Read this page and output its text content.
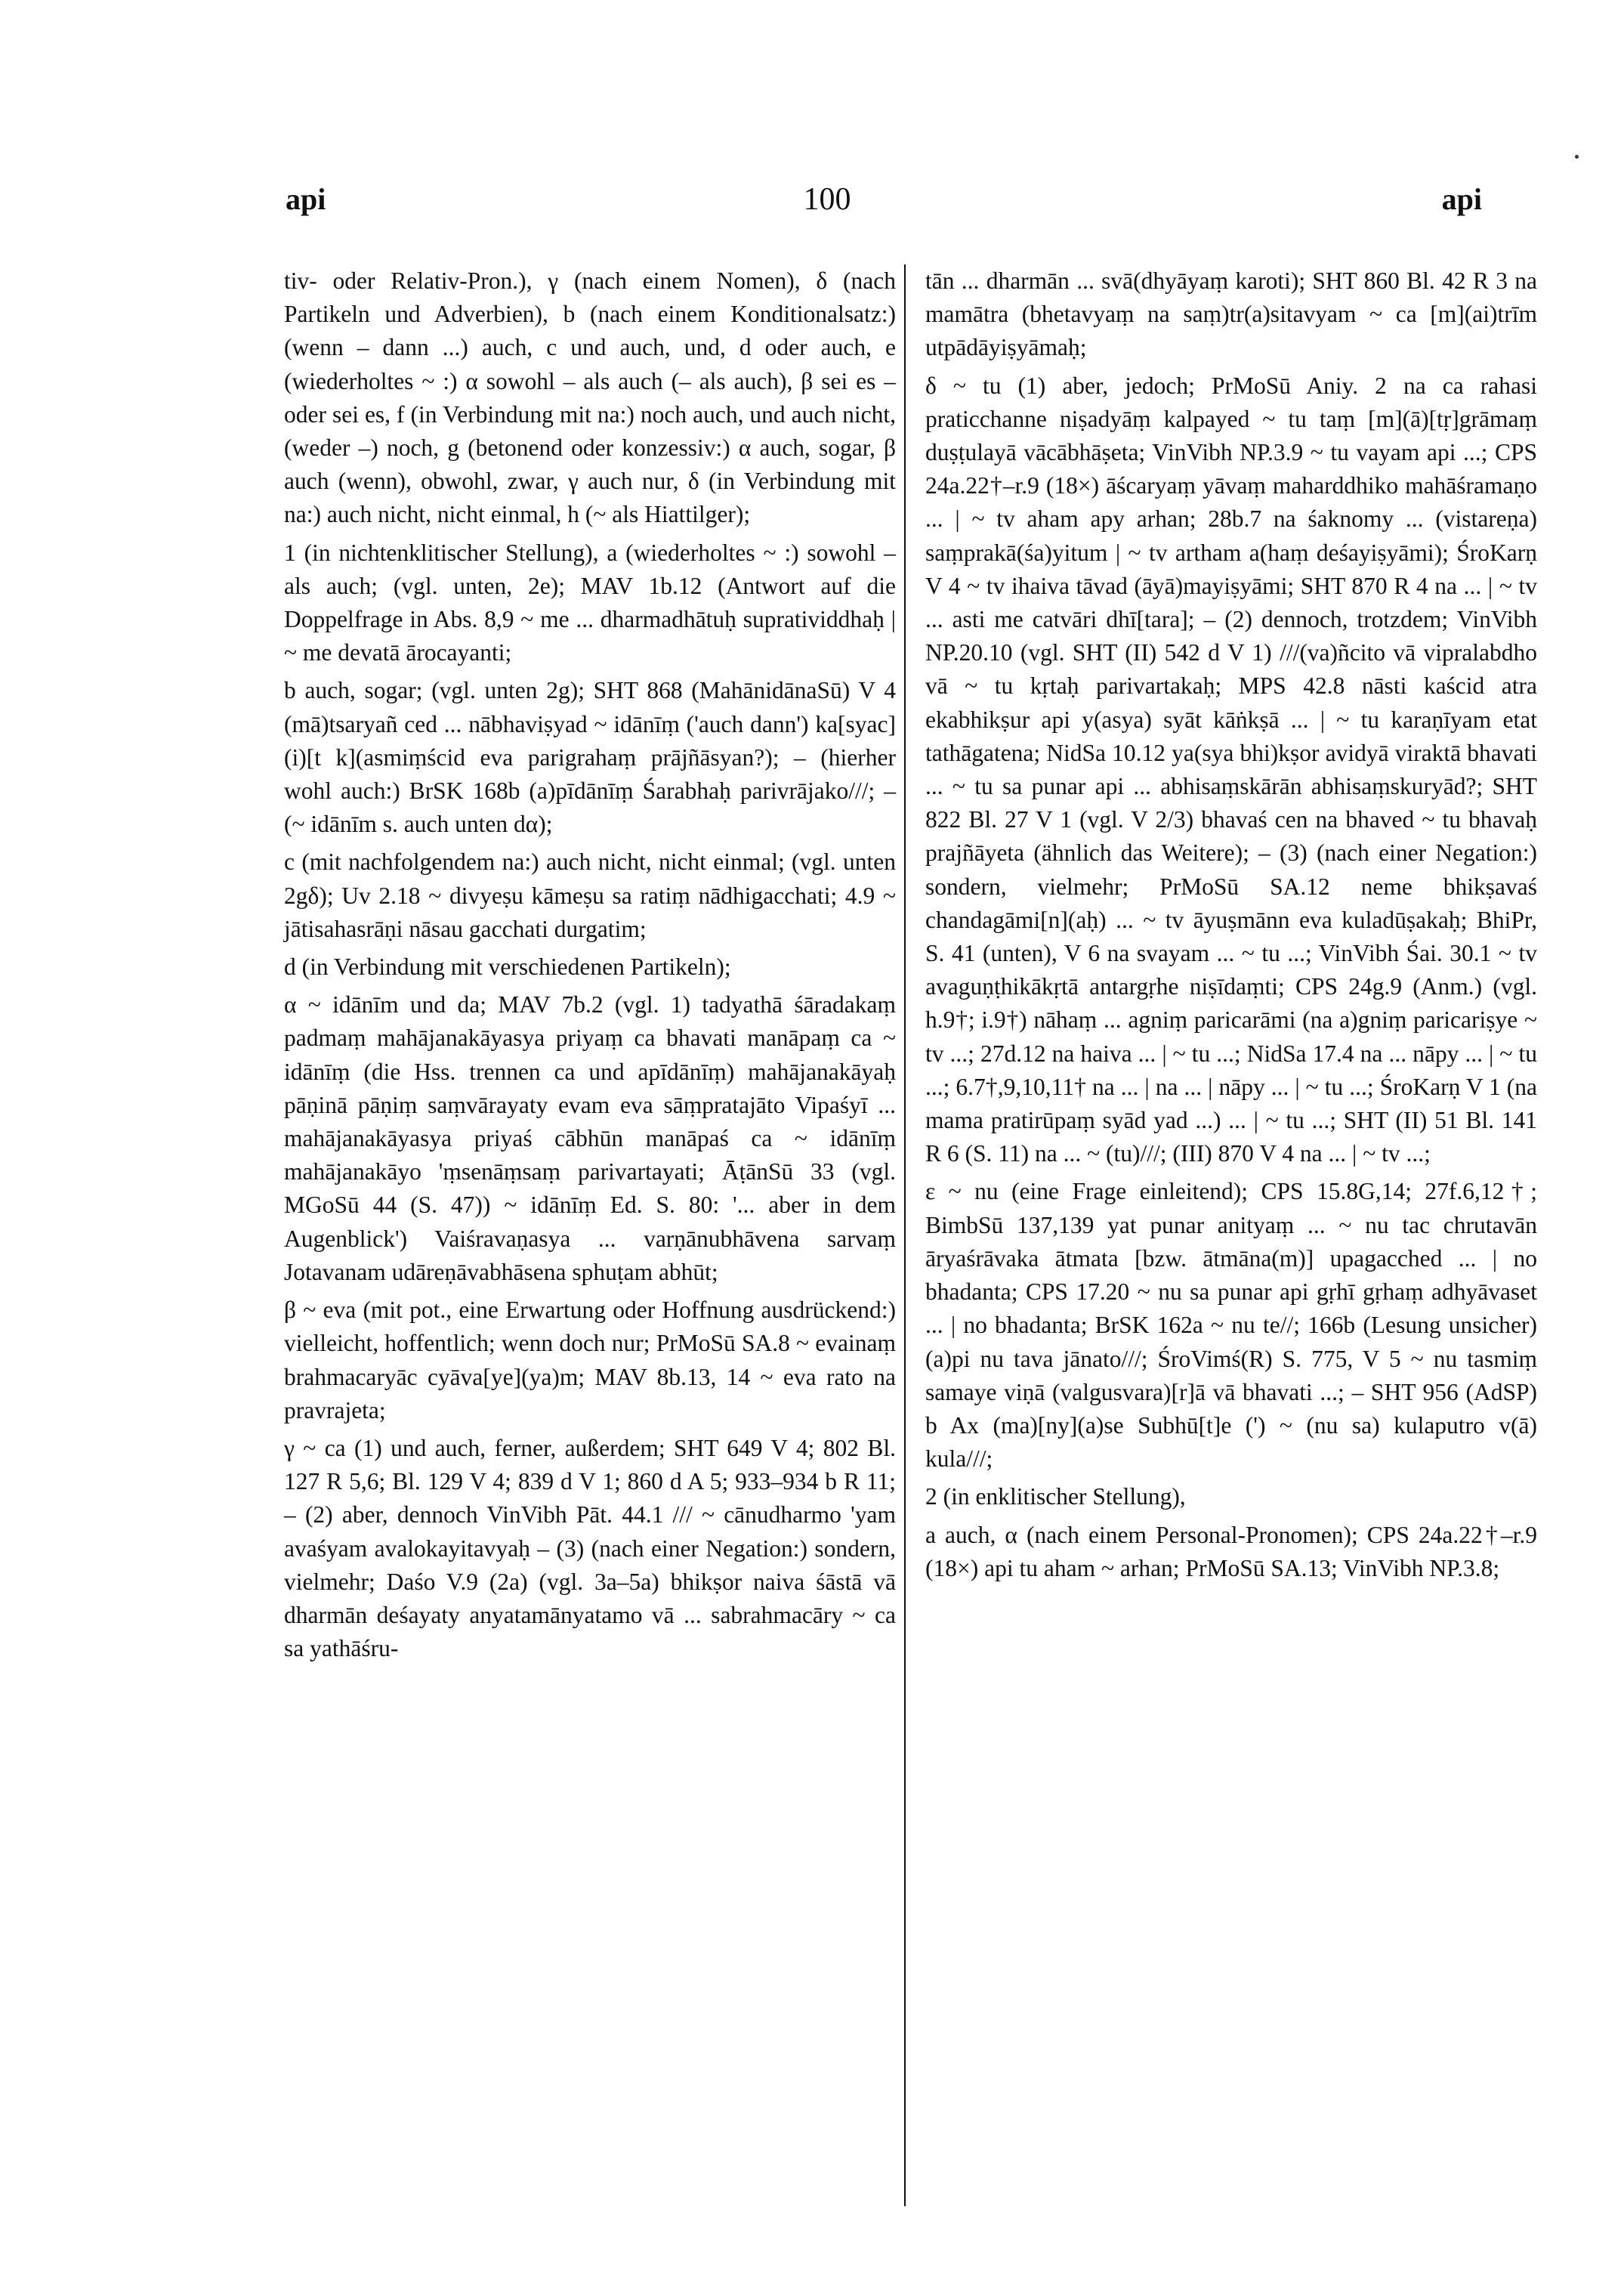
api	100	api

tiv- oder Relativ-Pron.), γ (nach einem Nomen), δ (nach Partikeln und Adverbien), b (nach einem Konditionalsatz:) (wenn – dann ...) auch, c und auch, und, d oder auch, e (wiederholtes ~ :) α sowohl – als auch (– als auch), β sei es – oder sei es, f (in Verbindung mit na:) noch auch, und auch nicht, (weder –) noch, g (betonend oder konzessiv:) α auch, sogar, β auch (wenn), obwohl, zwar, γ auch nur, δ (in Verbindung mit na:) auch nicht, nicht einmal, h (~ als Hiattilger);

1 (in nichtenklitischer Stellung), a (wiederholtes ~ :) sowohl – als auch; (vgl. unten, 2e); MAV 1b.12 (Antwort auf die Doppelfrage in Abs. 8,9 ~ me ... dharmadhātuḥ supratividdhaḥ | ~ me devatā ārocayanti;

b auch, sogar; (vgl. unten 2g); SHT 868 (MahānidānaSū) V 4 (mā)tsaryañ ced ... nābhaviṣyad ~ idānīṃ ('auch dann') ka[syac](i)[t k](asmiṃścid eva parigrahaṃ prājñāsyan?); – (hierher wohl auch:) BrSK 168b (a)pīdānīṃ Śarabhaḥ parivrājako///; – (~ idānīm s. auch unten dα);

c (mit nachfolgendem na:) auch nicht, nicht einmal; (vgl. unten 2gδ); Uv 2.18 ~ divyeṣu kāmeṣu sa ratiṃ nādhigacchati; 4.9 ~ jātisahasrāṇi nāsau gacchati durgatim;

d (in Verbindung mit verschiedenen Partikeln);

α ~ idānīm und da; MAV 7b.2 (vgl. 1) tadyathā śāradakaṃ padmaṃ mahājanakāyasya priyaṃ ca bhavati manāpaṃ ca ~ idānīṃ (die Hss. trennen ca und apīdānīṃ) mahājanakāyaḥ pāṇinā pāṇiṃ saṃvārayaty evam eva sāṃpratajāto Vipaśyī ... mahājanakāyasya priyaś cābhūn manāpaś ca ~ idānīṃ mahājanakāyo 'ṃsenāṃsaṃ parivartayati; ĀṭānSū 33 (vgl. MGoSū 44 (S. 47)) ~ idānīṃ Ed. S. 80: '... aber in dem Augenblick') Vaiśravaṇasya ... varṇānubhāvena sarvaṃ Jotavanam udāreṇāvabhāsena sphuṭam abhūt;

β ~ eva (mit pot., eine Erwartung oder Hoffnung ausdrückend:) vielleicht, hoffentlich; wenn doch nur; PrMoSū SA.8 ~ evainaṃ brahmacaryāc cyāva[ye](ya)m; MAV 8b.13, 14 ~ eva rato na pravrajeta;

γ ~ ca (1) und auch, ferner, außerdem; SHT 649 V 4; 802 Bl. 127 R 5,6; Bl. 129 V 4; 839 d V 1; 860 d A 5; 933–934 b R 11; – (2) aber, dennoch VinVibh Pāt. 44.1 /// ~ cānudharmo 'yam avaśyam avalokayitavyaḥ – (3) (nach einer Negation:) sondern, vielmehr; Daśo V.9 (2a) (vgl. 3a–5a) bhikṣor naiva śāstā vā dharmān deśayaty anyatamānyatamo vā ... sabrahmacāry ~ ca sa yathāśru-

tān ... dharmān ... svā(dhyāyaṃ karoti); SHT 860 Bl. 42 R 3 na mamātra (bhetavyaṃ na saṃ)tr(a)sitavyam ~ ca [m](ai)trīm utpādāyiṣyāmaḥ;

δ ~ tu (1) aber, jedoch; PrMoSū Aniy. 2 na ca rahasi praticchanne niṣadyāṃ kalpayed ~ tu taṃ [m](ā)[tṛ]grāmaṃ duṣṭulayā vācābhāṣeta; VinVibh NP.3.9 ~ tu vayam api ...; CPS 24a.22†–r.9 (18×) āścaryaṃ yāvaṃ maharddhiko mahāśramaṇo ... | ~ tv aham apy arhan; 28b.7 na śaknomy ... (vistareṇa) saṃprakā(śa)yitum | ~ tv artham a(haṃ deśayiṣyāmi); ŚroKarṇ V 4 ~ tv ihaiva tāvad (āyā)mayiṣyāmi; SHT 870 R 4 na ... | ~ tv ... asti me catvāri dhī[tara]; – (2) dennoch, trotzdem; VinVibh NP.20.10 (vgl. SHT (II) 542 d V 1) ///(va)ñcito vā vipralabdho vā ~ tu kṛtaḥ parivartakaḥ; MPS 42.8 nāsti kaścid atra ekabhikṣur api y(asya) syāt kāṅkṣā ... | ~ tu karaṇīyam etat tathāgatena; NidSa 10.12 ya(sya bhi)kṣor avidyā viraktā bhavati ... ~ tu sa punar api ... abhisaṃskārān abhisaṃskuryād?; SHT 822 Bl. 27 V 1 (vgl. V 2/3) bhavaś cen na bhaved ~ tu bhavaḥ prajñāyeta (ähnlich das Weitere); – (3) (nach einer Negation:) sondern, vielmehr; PrMoSū SA.12 neme bhikṣavaś chandagāmi[n](aḥ) ... ~ tv āyuṣmānn eva kuladūṣakaḥ; BhiPr, S. 41 (unten), V 6 na svayam ... ~ tu ...; VinVibh Śai. 30.1 ~ tv avaguṇṭhikākṛtā antargṛhe niṣīdaṃti; CPS 24g.9 (Anm.) (vgl. h.9†; i.9†) nāhaṃ ... agniṃ paricarāmi (na a)gniṃ paricariṣye ~ tv ...; 27d.12 na haiva ... | ~ tu ...; NidSa 17.4 na ... nāpy ... | ~ tu ...; 6.7†,9,10,11† na ... | na ... | nāpy ... | ~ tu ...; ŚroKarṇ V 1 (na mama pratirūpaṃ syād yad ...) ... | ~ tu ...; SHT (II) 51 Bl. 141 R 6 (S. 11) na ... ~ (tu)///; (III) 870 V 4 na ... | ~ tv ...;

ε ~ nu (eine Frage einleitend); CPS 15.8G,14; 27f.6,12†; BimbSū 137,139 yat punar anityaṃ ... ~ nu tac chrutavān āryaśrāvaka ātmata [bzw. ātmāna(m)] upagacched ... | no bhadanta; CPS 17.20 ~ nu sa punar api gṛhī gṛhaṃ adhyāvaset ... | no bhadanta; BrSK 162a ~ nu te//; 166b (Lesung unsicher) (a)pi nu tava jānato///; ŚroVimś(R) S. 775, V 5 ~ nu tasmiṃ samaye viṇā (valgusvara)[r]ā vā bhavati ...; – SHT 956 (AdSP) b Ax (ma)[ny](a)se Subhū[t]e (') ~ (nu sa) kulaputro v(ā) kula///;

2 (in enklitischer Stellung),

a auch, α (nach einem Personal-Pronomen); CPS 24a.22†–r.9 (18×) api tu aham ~ arhan; PrMoSū SA.13; VinVibh NP.3.8;
